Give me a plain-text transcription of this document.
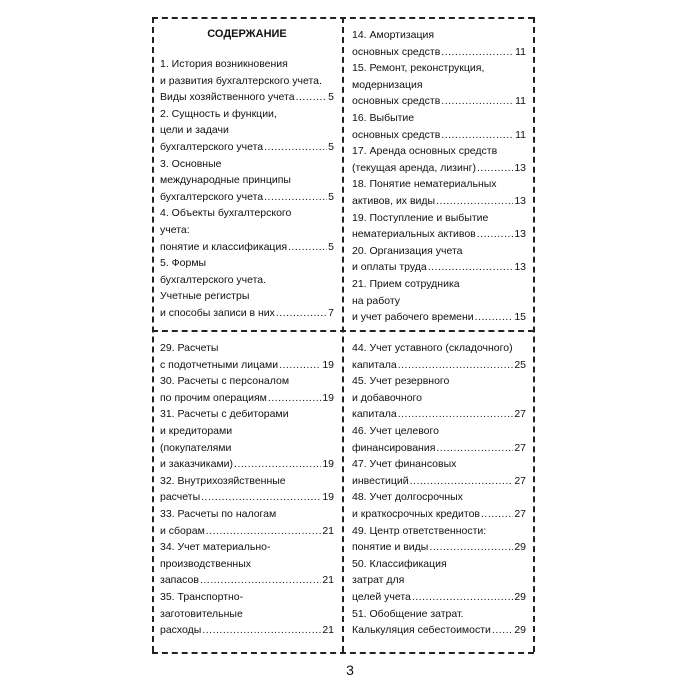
СОДЕРЖАНИЕ
1. История возникновения
и развития бухгалтерского учета.
Виды хозяйственного учета .....	5
2. Сущность и функции,
цели и задачи
бухгалтерского учета .....	5
3. Основные
международные принципы
бухгалтерского учета .....	5
4. Объекты бухгалтерского
учета:
понятие и классификация .....	5
5. Формы
бухгалтерского учета.
Учетные регистры
и способы записи в них .....	7
14. Амортизация
основных средств .....	11
15. Ремонт, реконструкция,
модернизация
основных средств .....	11
16. Выбытие
основных средств .....	11
17. Аренда основных средств
(текущая аренда, лизинг) .....	13
18. Понятие нематериальных
активов, их виды .....	13
19. Поступление и выбытие
нематериальных активов .....	13
20. Организация учета
и оплаты труда .....	13
21. Прием сотрудника
на работу
и учет рабочего времени .....	15
29. Расчеты
с подотчетными лицами .....	19
30. Расчеты с персоналом
по прочим операциям .....	19
31. Расчеты с дебиторами
и кредиторами
(покупателями
и заказчиками) .....	19
32. Внутрихозяйственные
расчеты .....	19
33. Расчеты по налогам
и сборам .....	21
34. Учет материально-
производственных
запасов .....	21
35. Транспортно-
заготовительные
расходы .....	21
44. Учет уставного (складочного)
капитала .....	25
45. Учет резервного
и добавочного
капитала .....	27
46. Учет целевого
финансирования .....	27
47. Учет финансовых
инвестиций .....	27
48. Учет долгосрочных
и краткосрочных кредитов .....	27
49. Центр ответственности:
понятие и виды .....	29
50. Классификация
затрат для
целей учета .....	29
51. Обобщение затрат.
Калькуляция себестоимости ..... 29
3
